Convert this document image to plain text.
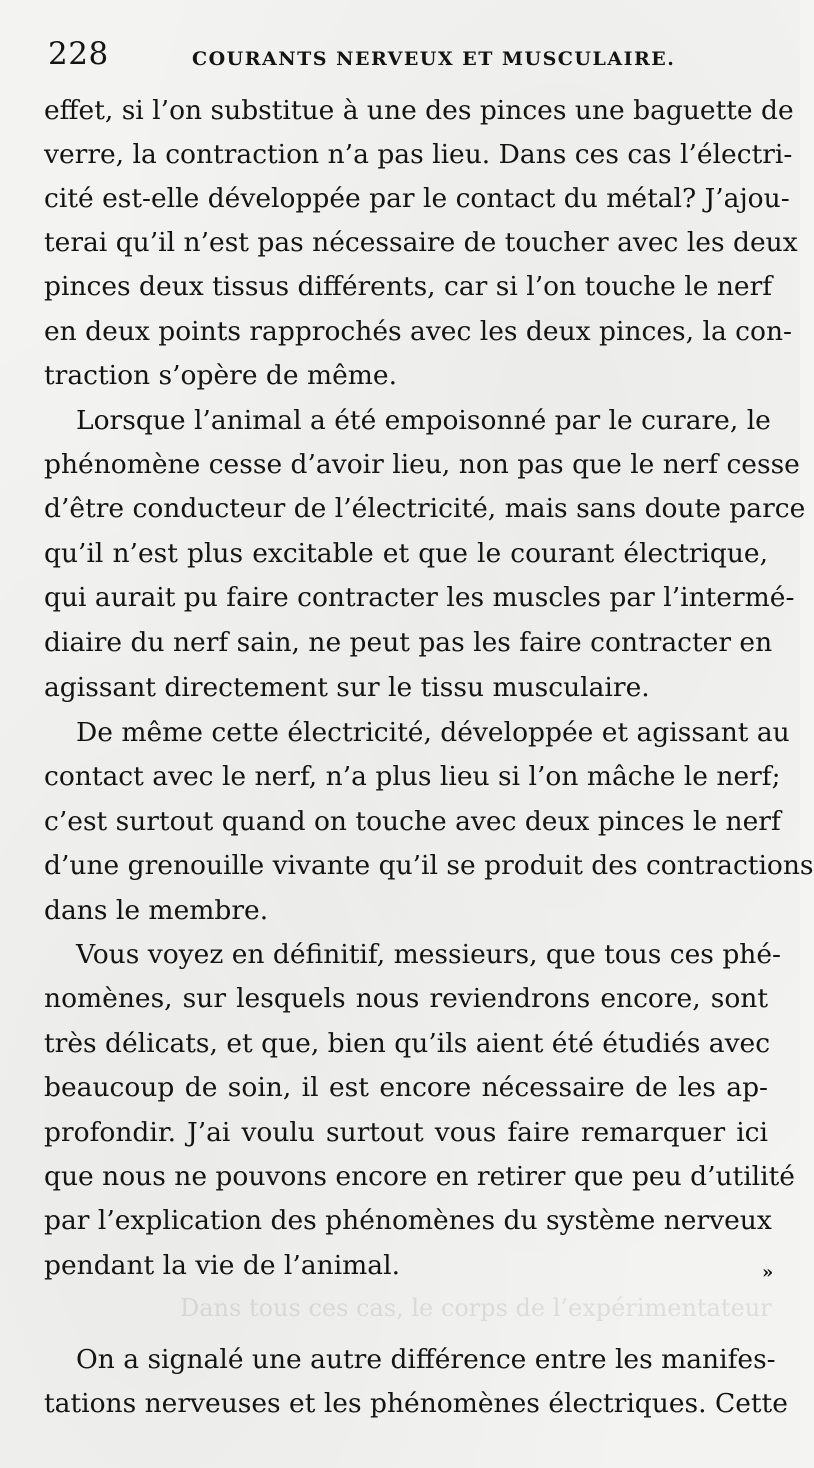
228	COURANTS NERVEUX ET MUSCULAIRE.
effet, si l’on substitue à une des pinces une baguette de
verre, la contraction n’a pas lieu. Dans ces cas l’électri-
cité est-elle développée par le contact du métal? J’ajou-
terai qu’il n’est pas nécessaire de toucher avec les deux
pinces deux tissus différents, car si l’on touche le nerf
en deux points rapprochés avec les deux pinces, la con-
traction s’opère de même.
Lorsque l’animal a été empoisonné par le curare, le
phénomène cesse d’avoir lieu, non pas que le nerf cesse
d’être conducteur de l’électricité, mais sans doute parce
qu’il n’est plus excitable et que le courant électrique,
qui aurait pu faire contracter les muscles par l’intermé-
diaire du nerf sain, ne peut pas les faire contracter en
agissant directement sur le tissu musculaire.
De même cette électricité, développée et agissant au
contact avec le nerf, n’a plus lieu si l’on mâche le nerf;
c’est surtout quand on touche avec deux pinces le nerf
d’une grenouille vivante qu’il se produit des contractions
dans le membre.
Vous voyez en définitif, messieurs, que tous ces phé-
nomènes, sur lesquels nous reviendrons encore, sont
très délicats, et que, bien qu’ils aient été étudiés avec
beaucoup de soin, il est encore nécessaire de les ap-
profondir. J’ai voulu surtout vous faire remarquer ici
que nous ne pouvons encore en retirer que peu d’utilité
par l’explication des phénomènes du système nerveux
pendant la vie de l’animal.	»
Dans tous ces cas, le corps de l’expérimentateur
On a signalé une autre différence entre les manifes-
tations nerveuses et les phénomènes électriques. Cette
